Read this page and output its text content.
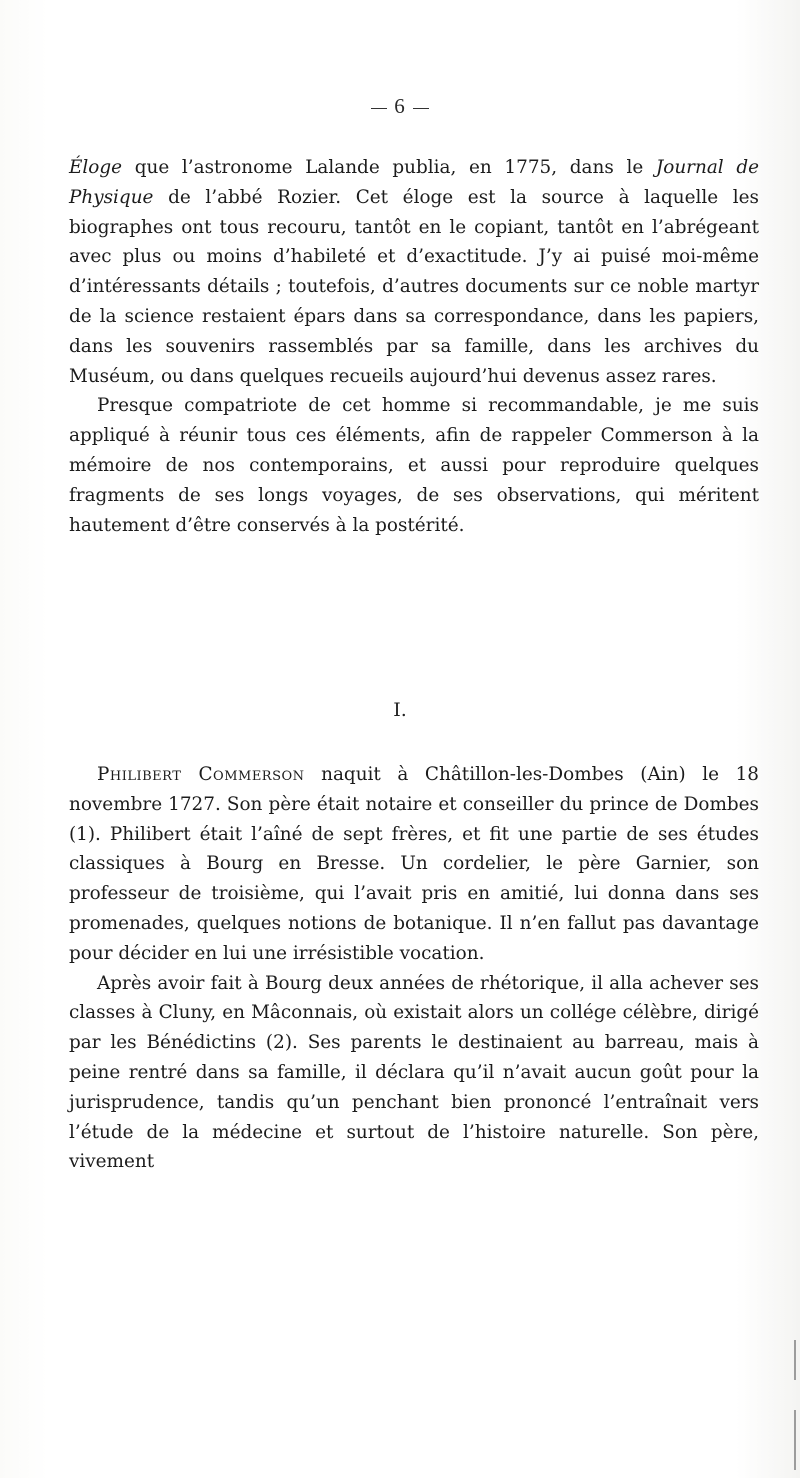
6

Éloge que l’astronome Lalande publia, en 1775, dans le Journal de Physique de l’abbé Rozier. Cet éloge est la source à laquelle les biographes ont tous recouru, tantôt en le copiant, tantôt en l’abrégeant avec plus ou moins d’habileté et d’exactitude. J’y ai puisé moi-même d’intéressants détails ; toutefois, d’autres documents sur ce noble martyr de la science restaient épars dans sa correspondance, dans les papiers, dans les souvenirs rassemblés par sa famille, dans les archives du Muséum, ou dans quelques recueils aujourd’hui devenus assez rares.

Presque compatriote de cet homme si recommandable, je me suis appliqué à réunir tous ces éléments, afin de rappeler Commerson à la mémoire de nos contemporains, et aussi pour reproduire quelques fragments de ses longs voyages, de ses observations, qui méritent hautement d’être conservés à la postérité.

I.

Philibert Commerson naquit à Châtillon-les-Dombes (Ain) le 18 novembre 1727. Son père était notaire et conseiller du prince de Dombes (1). Philibert était l’aîné de sept frères, et fit une partie de ses études classiques à Bourg en Bresse. Un cordelier, le père Garnier, son professeur de troisième, qui l’avait pris en amitié, lui donna dans ses promenades, quelques notions de botanique. Il n’en fallut pas davantage pour décider en lui une irrésistible vocation.

Après avoir fait à Bourg deux années de rhétorique, il alla achever ses classes à Cluny, en Mâconnais, où existait alors un collége célèbre, dirigé par les Bénédictins (2). Ses parents le destinaient au barreau, mais à peine rentré dans sa famille, il déclara qu’il n’avait aucun goût pour la jurisprudence, tandis qu’un penchant bien prononcé l’entraînait vers l’étude de la médecine et surtout de l’histoire naturelle. Son père, vivement
